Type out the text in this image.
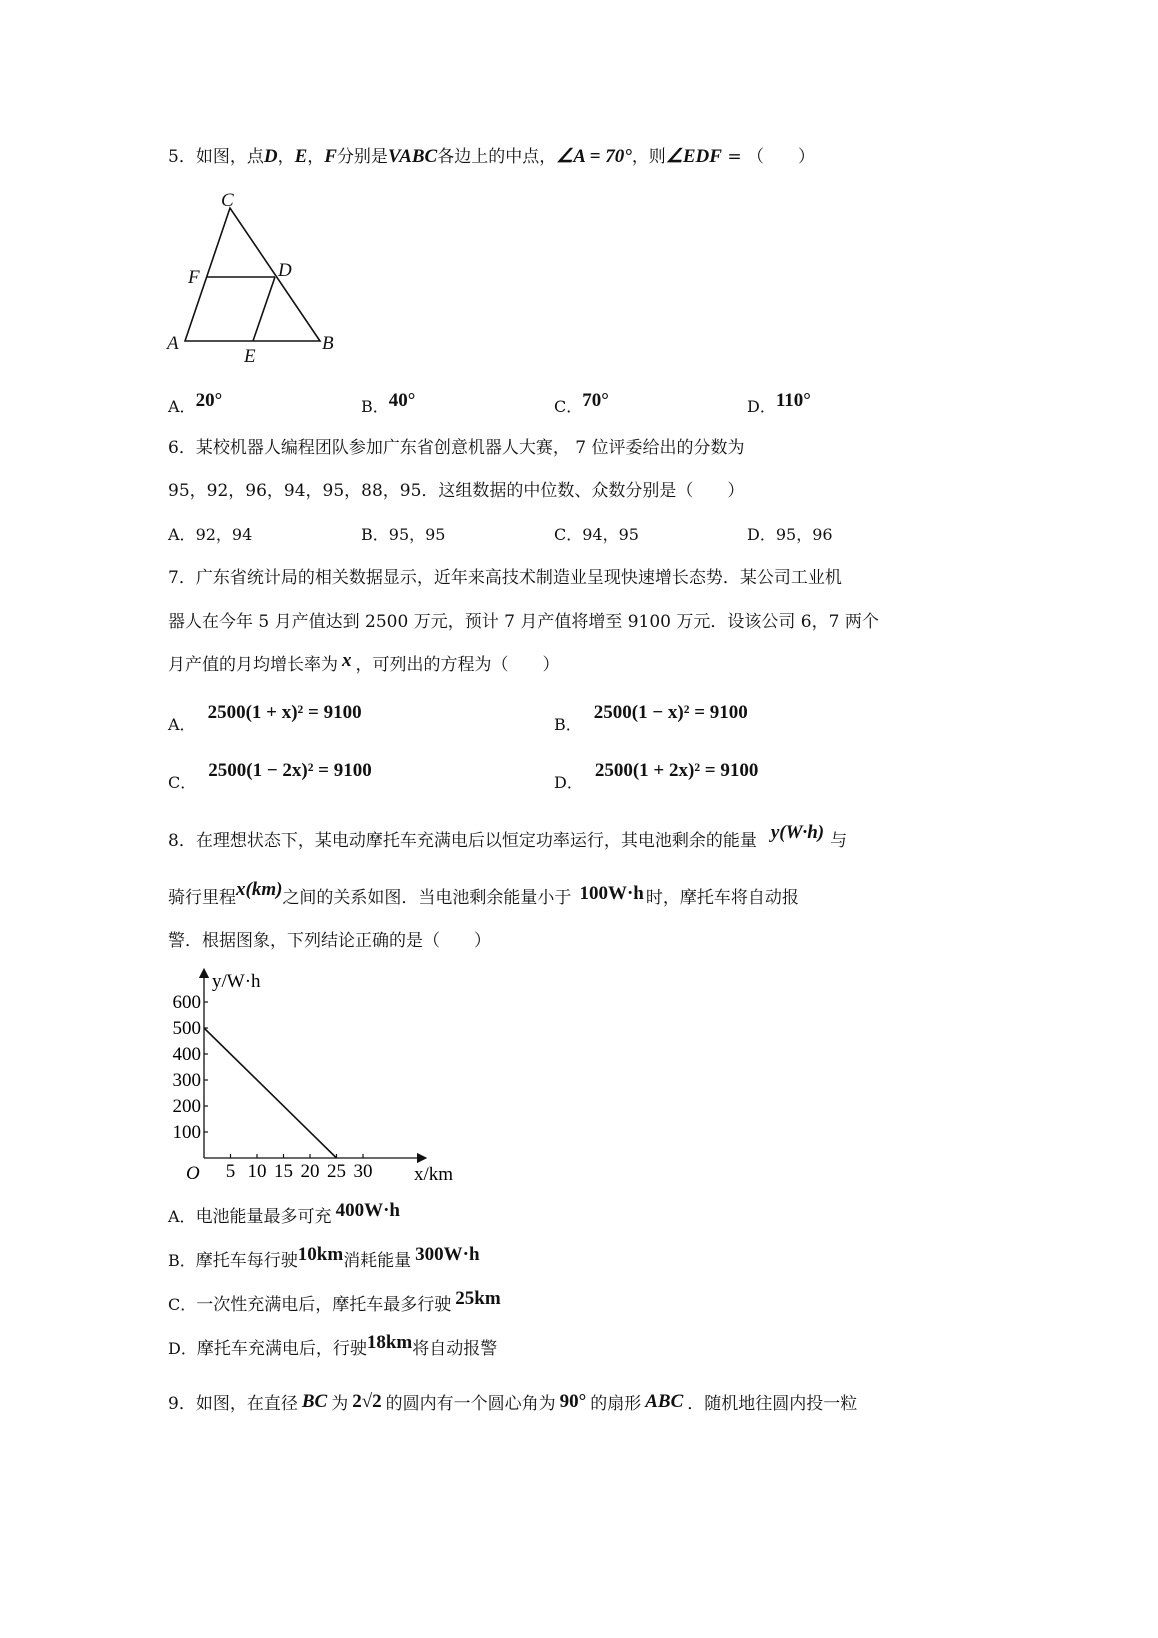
5．如图，点D，E，F分别是VABC各边上的中点，∠A = 70°，则∠EDF = （　　）
C
F	D
A
E
B
A．20°	B．40°	C．70°	D．110°
6．某校机器人编程团队参加广东省创意机器人大赛， 7 位评委给出的分数为
95，92，96，94，95，88，95．这组数据的中位数、众数分别是（　　）
A．92，94	B．95，95	C．94，95	D．95，96
7．广东省统计局的相关数据显示，近年来高技术制造业呈现快速增长态势．某公司工业机
器人在今年 5 月产值达到 2500 万元，预计 7 月产值将增至 9100 万元．设该公司 6，7 两个
月产值的月均增长率为 x ，可列出的方程为（　　）
A．2500(1 + x)² = 9100
B．2500(1 − x)² = 9100
C．2500(1 − 2x)² = 9100
D．2500(1 + 2x)² = 9100
8．在理想状态下，某电动摩托车充满电后以恒定功率运行，其电池剩余的能量 y(W·h) 与
骑行里程x(km)之间的关系如图．当电池剩余能量小于 100W·h 时，摩托车将自动报
警．根据图象，下列结论正确的是（　　）
y/W·h
x/km
O 5 10 15 20 25 30
100
200
300
400
500
600
A．电池能量最多可充 400W·h
B．摩托车每行驶10km消耗能量 300W·h
C．一次性充满电后，摩托车最多行驶 25km
D．摩托车充满电后，行驶18km将自动报警
9．如图，在直径 BC 为 2√2 的圆内有一个圆心角为 90° 的扇形 ABC ．随机地往圆内投一粒
